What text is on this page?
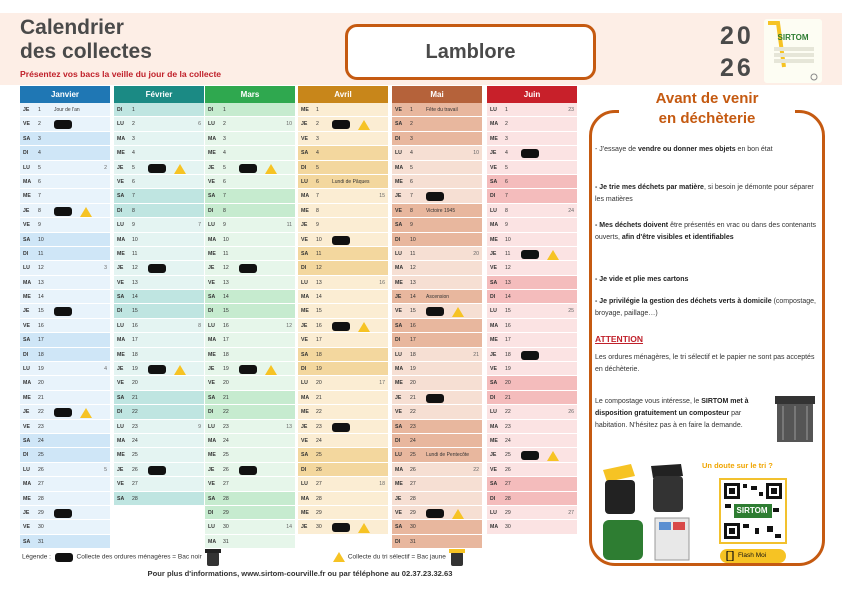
Calendrier
des collectes
Présentez vos bacs la veille du jour de la collecte
Lamblore
20
26
SIRTOM
Janvier
JE 1	Jour de l'an
VE 2
SA 3
DI 4
LU 5	2
MA 6
ME 7
JE 8
VE 9
SA 10
DI 11
LU 12	3
MA 13
ME 14
JE 15
VE 16
SA 17
DI 18
LU 19	4
MA 20
ME 21
JE 22
VE 23
SA 24
DI 25
LU 26	5
MA 27
ME 28
JE 29
VE 30
SA 31
Février
DI 1
LU 2	6
MA 3
ME 4
JE 5
VE 6
SA 7
DI 8
LU 9	7
MA 10
ME 11
JE 12
VE 13
SA 14
DI 15
LU 16	8
MA 17
ME 18
JE 19
VE 20
SA 21
DI 22
LU 23	9
MA 24
ME 25
JE 26
VE 27
SA 28
Mars
DI 1
LU 2	10
MA 3
ME 4
JE 5
VE 6
SA 7
DI 8
LU 9	11
MA 10
ME 11
JE 12
VE 13
SA 14
DI 15
LU 16	12
MA 17
ME 18
JE 19
VE 20
SA 21
DI 22
LU 23	13
MA 24
ME 25
JE 26
VE 27
SA 28
DI 29
LU 30	14
MA 31
Avril
ME 1
JE 2
VE 3
SA 4
DI 5
LU 6	Lundi de Pâques
MA 7	15
ME 8
JE 9
VE 10
SA 11
DI 12
LU 13	16
MA 14
ME 15
JE 16
VE 17
SA 18
DI 19
LU 20	17
MA 21
ME 22
JE 23
VE 24
SA 25
DI 26
LU 27	18
MA 28
ME 29
JE 30
Mai
VE 1	Fête du travail
SA 2
DI 3
LU 4	10
MA 5
ME 6
JE 7
VE 8	Victoire 1945
SA 9
DI 10
LU 11	20
MA 12
ME 13
JE 14 Ascension
VE 15
SA 16
DI 17
LU 18	21
MA 19
ME 20
JE 21
VE 22
SA 23
DI 24
LU 25 Lundi de Pentecôte
MA 26	22
ME 27
JE 28
VE 29
SA 30
DI 31
Juin
LU 1	23
MA 2
ME 3
JE 4
VE 5
SA 6
DI 7
LU 8	24
MA 9
ME 10
JE 11
VE 12
SA 13
DI 14
LU 15	25
MA 16
ME 17
JE 18
VE 19
SA 20
DI 21
LU 22	26
MA 23
ME 24
JE 25
VE 26
SA 27
DI 28
LU 29	27
MA 30
Avant de venir
en déchèterie
- J'essaye de vendre ou donner mes objets en bon état
- Je trie mes déchets par matière, si besoin je démonte pour séparer les matières
- Mes déchets doivent être présentés en vrac ou dans des contenants ouverts, afin d'être visibles et identifiables
- Je vide et plie mes cartons
- Je privilégie la gestion des déchets verts à domicile (compostage, broyage, paillage…)
ATTENTION
Les ordures ménagères, le tri sélectif et le papier ne sont pas acceptés en déchèterie.
Le compostage vous intéresse, le SIRTOM met à disposition gratuitement un composteur par habitation. N'hésitez pas à en faire la demande.
Un doute sur le tri ?
SIRTOM
Flash Moi
Légende :	Collecte des ordures ménagères = Bac noir	Collecte du tri sélectif = Bac jaune
Pour plus d'informations, www.sirtom-courville.fr ou par téléphone au 02.37.23.32.63
